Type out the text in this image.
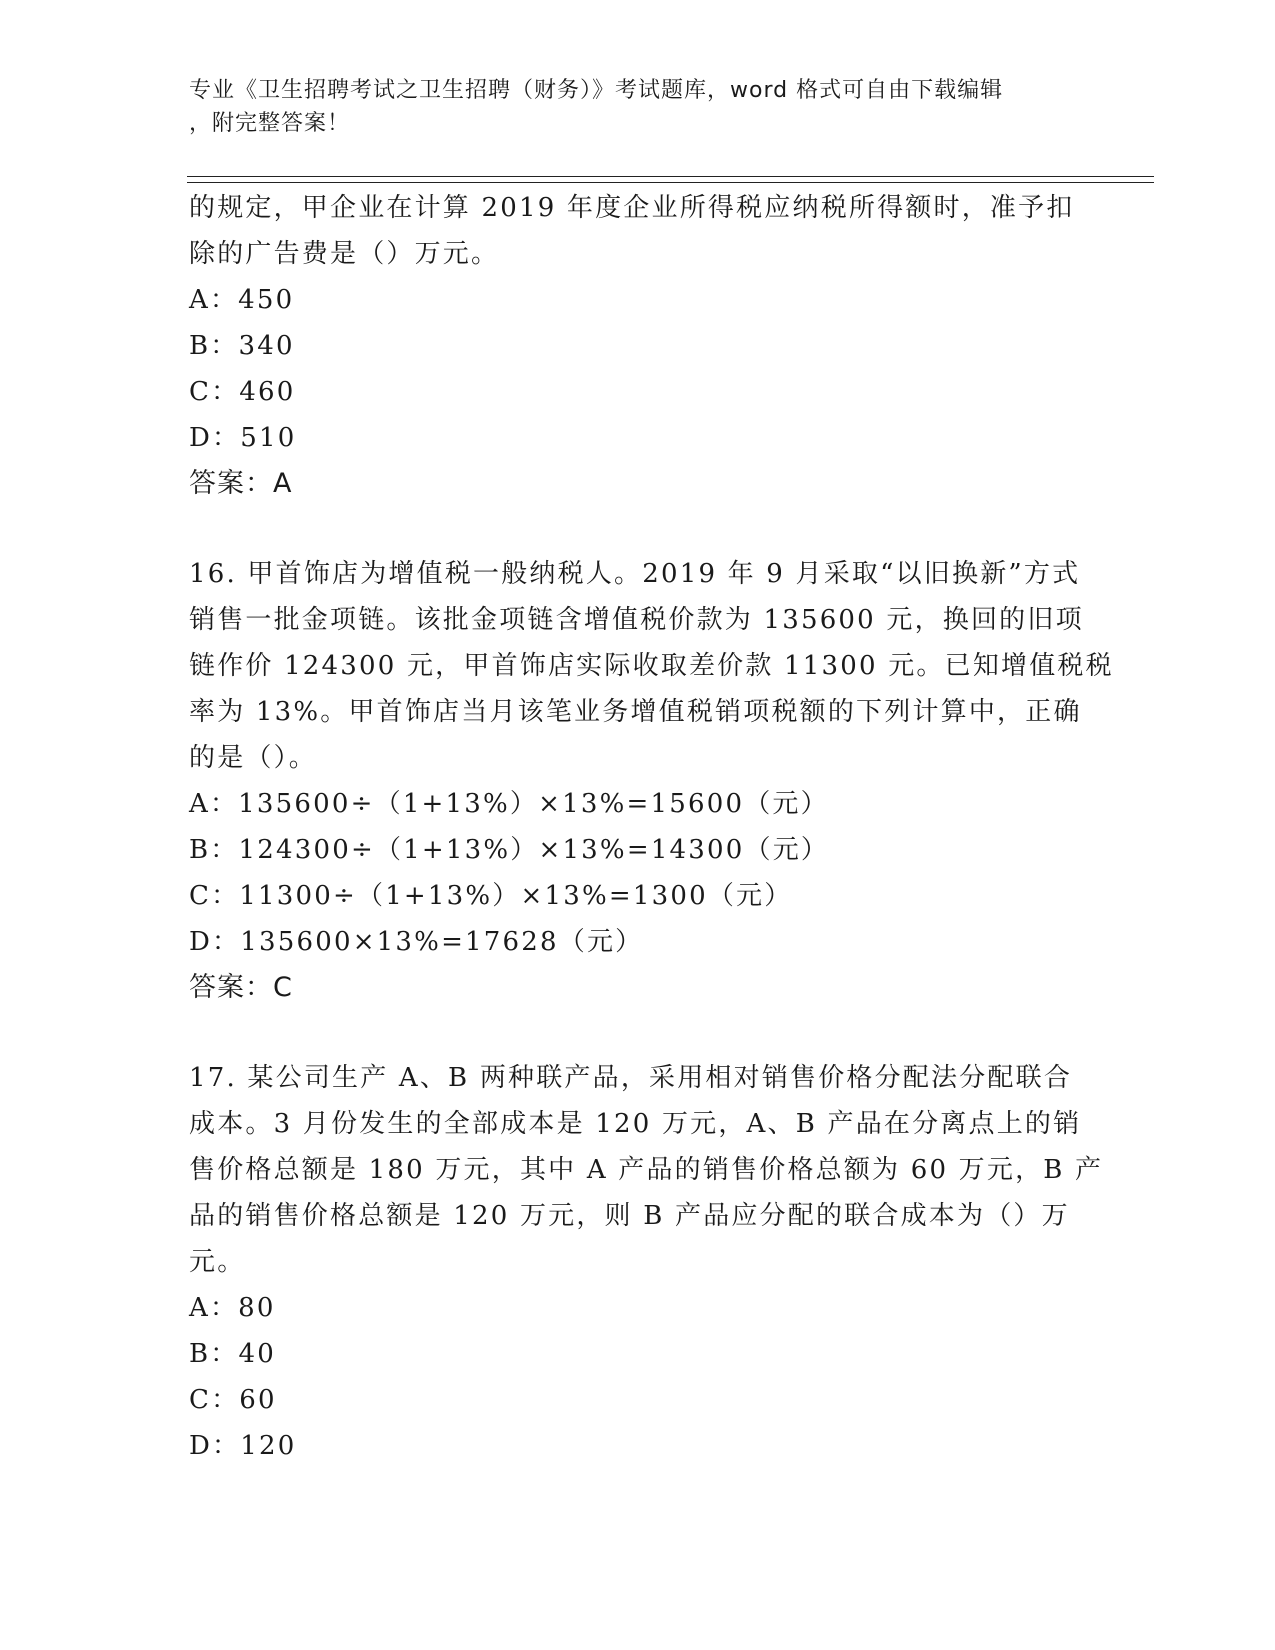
专业《卫生招聘考试之卫生招聘（财务）》考试题库，word 格式可自由下载编辑
，附完整答案！
的规定，甲企业在计算 2019 年度企业所得税应纳税所得额时，准予扣
除的广告费是（）万元。
A：450
B：340
C：460
D：510
答案：A
16. 甲首饰店为增值税一般纳税人。2019 年 9 月采取“以旧换新”方式
销售一批金项链。该批金项链含增值税价款为 135600 元，换回的旧项
链作价 124300 元，甲首饰店实际收取差价款 11300 元。已知增值税税
率为 13%。甲首饰店当月该笔业务增值税销项税额的下列计算中，正确
的是（）。
A：135600÷（1+13%）×13%=15600（元）
B：124300÷（1+13%）×13%=14300（元）
C：11300÷（1+13%）×13%=1300（元）
D：135600×13%=17628（元）
答案：C
17. 某公司生产 A、B 两种联产品，采用相对销售价格分配法分配联合
成本。3 月份发生的全部成本是 120 万元，A、B 产品在分离点上的销
售价格总额是 180 万元，其中 A 产品的销售价格总额为 60 万元，B 产
品的销售价格总额是 120 万元，则 B 产品应分配的联合成本为（）万
元。
A：80
B：40
C：60
D：120
